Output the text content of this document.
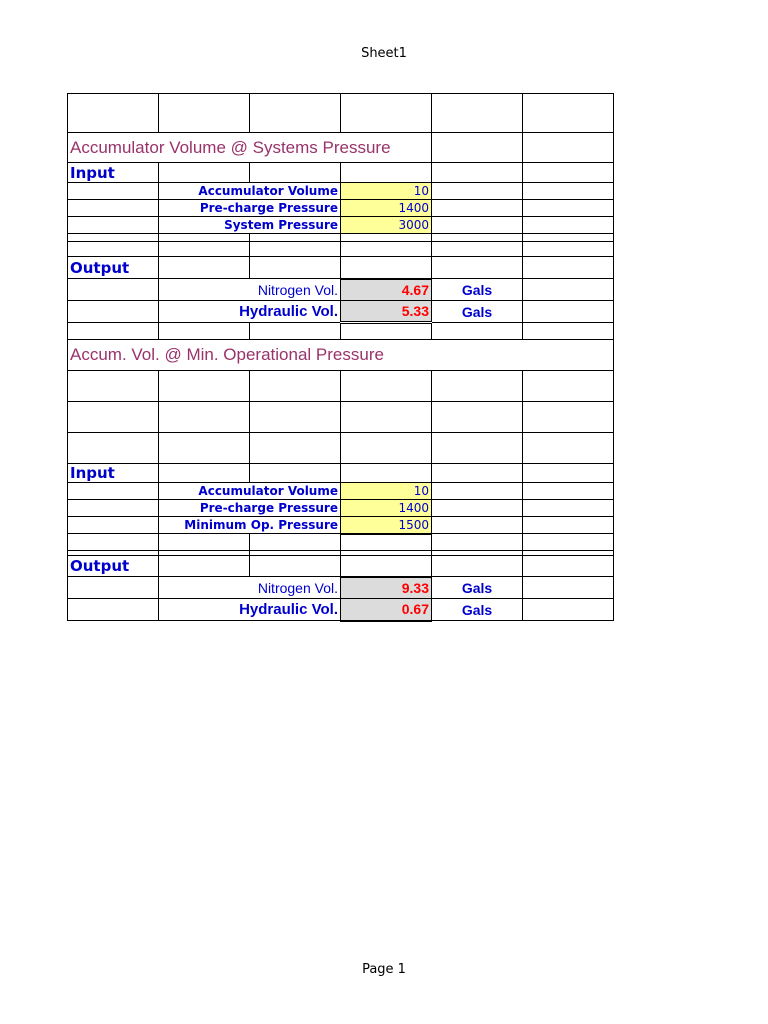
Sheet1

Accumulator Volume @ Systems Pressure					
Input					
	Accumulator Volume		10		
	Pre-charge Pressure		1400		
	System Pressure		3000		

Output					
	Nitrogen Vol.		4.67	Gals	
	Hydraulic Vol.		5.33	Gals	

Accum. Vol. @ Min. Operational Pressure					

Input					
	Accumulator Volume		10		
	Pre-charge Pressure		1400		
	Minimum Op. Pressure		1500		

Output					
	Nitrogen Vol.		9.33	Gals	
	Hydraulic Vol.		0.67	Gals	
Page 1
